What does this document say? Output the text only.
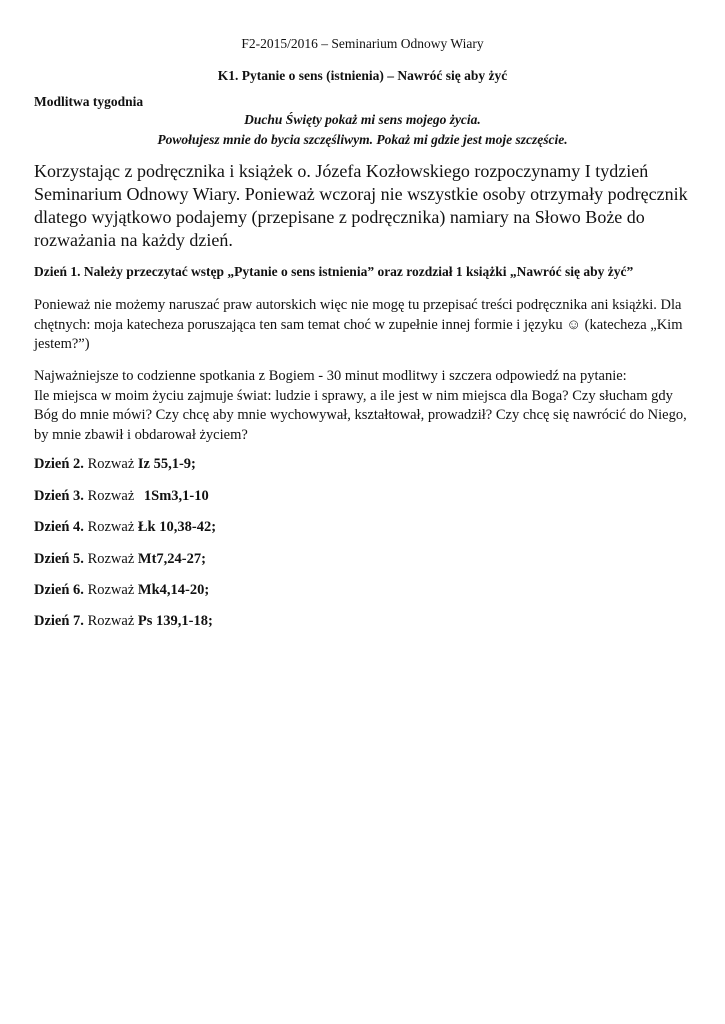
F2-2015/2016 – Seminarium Odnowy Wiary
K1. Pytanie o sens (istnienia) – Nawróć się aby żyć
Modlitwa tygodnia
Duchu Święty pokaż mi sens mojego życia.
Powołujesz mnie do bycia szczęśliwym. Pokaż mi gdzie jest moje szczęście.
Korzystając z podręcznika i książek o. Józefa Kozłowskiego rozpoczynamy I tydzień Seminarium Odnowy Wiary. Ponieważ wczoraj nie wszystkie osoby otrzymały podręcznik dlatego wyjątkowo podajemy (przepisane z podręcznika) namiary na Słowo Boże do rozważania na każdy dzień.
Dzień 1. Należy przeczytać wstęp „Pytanie o sens istnienia” oraz rozdział 1 książki „Nawróć się aby żyć”
Ponieważ nie możemy naruszać praw autorskich więc nie mogę tu przepisać treści podręcznika ani książki. Dla chętnych: moja katecheza poruszająca ten sam temat choć w zupełnie innej formie i języku ☺ (katecheza „Kim jestem?”)
Najważniejsze to codzienne spotkania z Bogiem - 30 minut modlitwy i szczera odpowiedź na pytanie:
Ile miejsca w moim życiu zajmuje świat: ludzie i sprawy, a ile jest w nim miejsca dla Boga? Czy słucham gdy Bóg do mnie mówi? Czy chcę aby mnie wychowywał, kształtował, prowadził? Czy chcę się nawrócić do Niego, by mnie zbawił i obdarował życiem?
Dzień 2. Rozważ Iz 55,1-9;
Dzień 3. Rozważ 1Sm3,1-10
Dzień 4. Rozważ Łk 10,38-42;
Dzień 5. Rozważ Mt7,24-27;
Dzień 6. Rozważ Mk4,14-20;
Dzień 7. Rozważ Ps 139,1-18;
